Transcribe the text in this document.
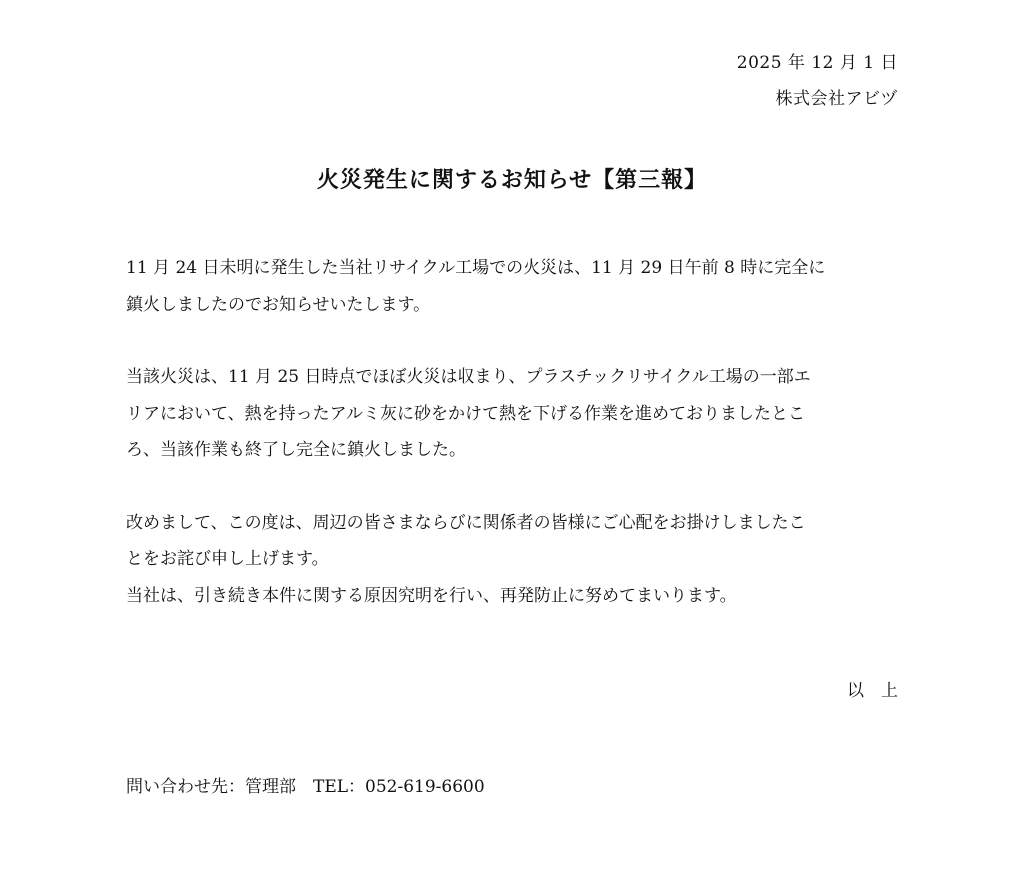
2025 年 12 月 1 日
株式会社アビヅ
火災発生に関するお知らせ【第三報】
11 月 24 日未明に発生した当社リサイクル工場での火災は、11 月 29 日午前 8 時に完全に
鎮火しましたのでお知らせいたします。
当該火災は、11 月 25 日時点でほぼ火災は収まり、プラスチックリサイクル工場の一部エ
リアにおいて、熱を持ったアルミ灰に砂をかけて熱を下げる作業を進めておりましたとこ
ろ、当該作業も終了し完全に鎮火しました。
改めまして、この度は、周辺の皆さまならびに関係者の皆様にご心配をお掛けしましたこ
とをお詫び申し上げます。
当社は、引き続き本件に関する原因究明を行い、再発防止に努めてまいります。
以　上
問い合わせ先：管理部　TEL：052-619-6600
